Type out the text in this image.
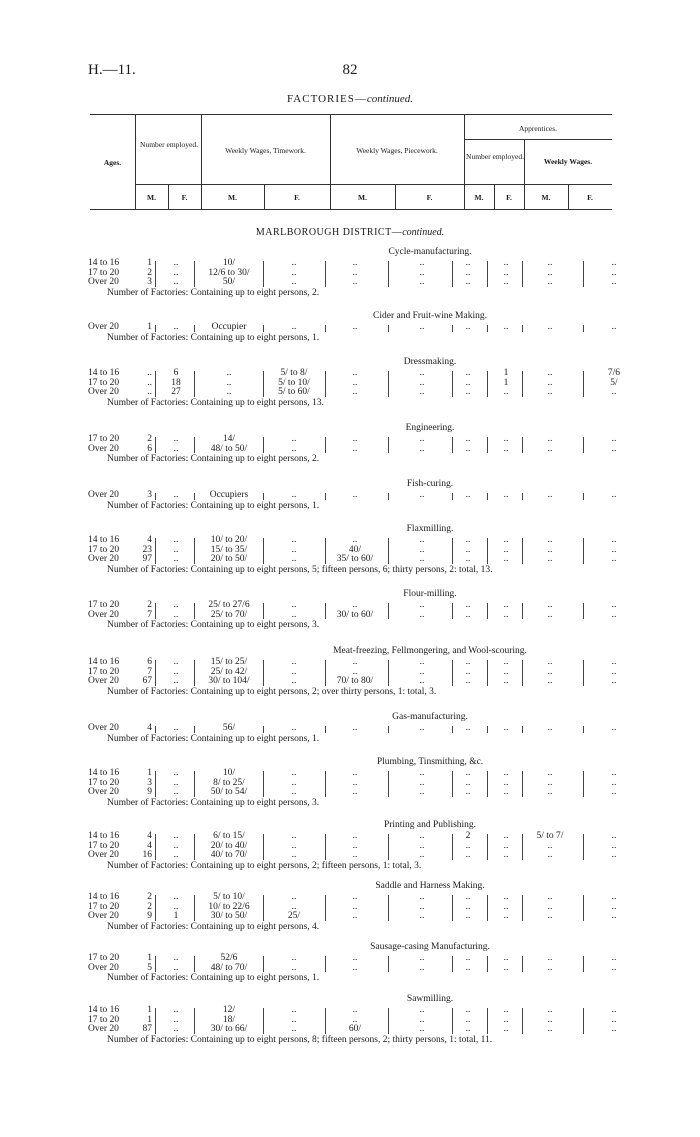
H.—11.	82
FACTORIES—continued.
Ages.
Number employed.
Weekly Wages, Timework.	Weekly Wages, Piecework.
Apprentices.
Number employed.
Weekly Wages.
M.	F.	M.	F.	M.	F.	M.	F.	M.	F.
MARLBOROUGH DISTRICT—continued.
Cycle-manufacturing.
14 to 16	1	..	10/	..	..	..	..	..	..	..
17 to 20	2	..	12/6 to 30/	..	..	..	..	..	..	..
Over 20	3	..	50/	..	..	..	..	..	..	..
Number of Factories: Containing up to eight persons, 2.
Cider and Fruit-wine Making.
Over 20	1	..	Occupier	..	..	..	..	..	..	..
Number of Factories: Containing up to eight persons, 1.
Dressmaking.
14 to 16	..	6	..	5/ to 8/	..	..	..	1	..	7/6
17 to 20	..	18	..	5/ to 10/	..	..	..	1	..	5/
Over 20	..	27	..	5/ to 60/	..	..	..	..	..	..
Number of Factories: Containing up to eight persons, 13.
Engineering.
17 to 20	2	..	14/	..	..	..	..	..	..	..
Over 20	6	..	48/ to 50/	..	..	..	..	..	..	..
Number of Factories: Containing up to eight persons, 2.
Fish-curing.
Over 20	3	..	Occupiers	..	..	..	..	..	..	..
Number of Factories: Containing up to eight persons, 1.
Flaxmilling.
14 to 16	4	..	10/ to 20/	..	..	..	..	..	..	..
17 to 20 23	..	15/ to 35/	..	40/	..	..	..	..	..
Over 20 97	..	20/ to 50/	..	35/ to 60/	..	..	..	..	..
Number of Factories: Containing up to eight persons, 5; fifteen persons, 6; thirty persons, 2: total, 13.
Flour-milling.
17 to 20	2	..	25/ to 27/6	..	..	..	..	..	..	..
Over 20	7	..	25/ to 70/	..	30/ to 60/	..	..	..	..	..
Number of Factories: Containing up to eight persons, 3.
Meat-freezing, Fellmongering, and Wool-scouring.
14 to 16	6	..	15/ to 25/	..	..	..	..	..	..	..
17 to 20	7	..	25/ to 42/	..	..	..	..	..	..	..
Over 20 67	..	30/ to 104/	..	70/ to 80/	..	..	..	..	..
Number of Factories: Containing up to eight persons, 2; over thirty persons, 1: total, 3.
Gas-manufacturing.
Over 20	4	..	56/	..	..	..	..	..	..	..
Number of Factories: Containing up to eight persons, 1.
Plumbing, Tinsmithing, &c.
14 to 16	1	..	10/	..	..	..	..	..	..	..
17 to 20	3	..	8/ to 25/	..	..	..	..	..	..	..
Over 20	9	..	50/ to 54/	..	..	..	..	..	..	..
Number of Factories: Containing up to eight persons, 3.
Printing and Publishing.
14 to 16	4	..	6/ to 15/	..	..	..	2	..	5/ to 7/	..
17 to 20	4	..	20/ to 40/	..	..	..	..	..	..	..
Over 20 16	..	40/ to 70/	..	..	..	..	..	..	..
Number of Factories: Containing up to eight persons, 2; fifteen persons, 1: total, 3.
Saddle and Harness Making.
14 to 16	2	..	5/ to 10/	..	..	..	..	..	..	..
17 to 20	2	..	10/ to 22/6	..	..	..	..	..	..	..
Over 20	9	1	30/ to 50/	25/	..	..	..	..	..	..
Number of Factories: Containing up to eight persons, 4.
Sausage-casing Manufacturing.
17 to 20	1	..	52/6	..	..	..	..	..	..	..
Over 20	5	..	48/ to 70/	..	..	..	..	..	..	..
Number of Factories: Containing up to eight persons, 1.
Sawmilling.
14 to 16	1	..	12/	..	..	..	..	..	..	..
17 to 20	1	..	18/	..	..	..	..	..	..	..
Over 20 87	..	30/ to 66/	..	60/	..	..	..	..	..
Number of Factories: Containing up to eight persons, 8; fifteen persons, 2; thirty persons, 1: total, 11.
